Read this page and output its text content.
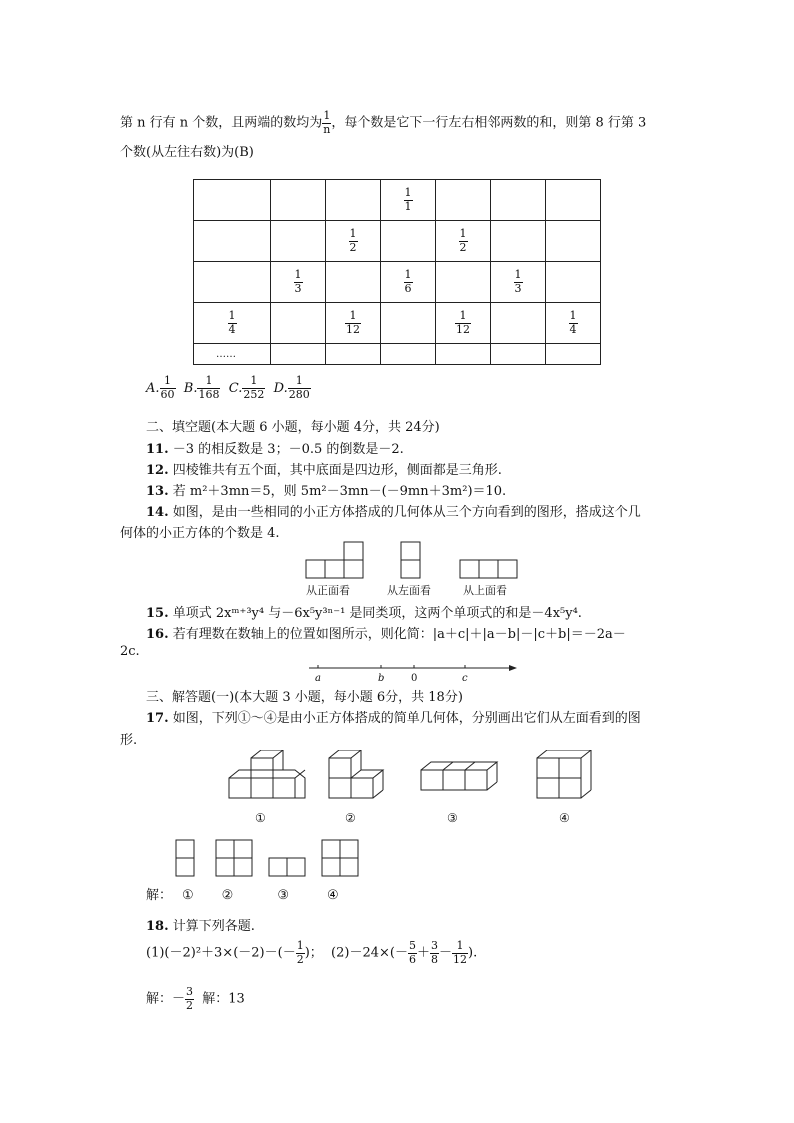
第 n 行有 n 个数，且两端的数均为 $\frac{1}{n}$ ，每个数是它下一行左右相邻两数的和，则第 8 行第 3
个数(从左往右数)为(B)

			$\frac{1}{1}$

		$\frac{1}{2}$		$\frac{1}{2}$

	$\frac{1}{3}$		$\frac{1}{6}$		$\frac{1}{3}$

$\frac{1}{4}$		$\frac{1}{12}$		$\frac{1}{12}$		$\frac{1}{4}$

……						
A. $\frac{1}{60} B$. $\frac{1}{168} C$. $\frac{1}{252} D$. $\frac{1}{280}$
二、填空题(本大题 6 小题，每小题 4分，共 24分)
11. －3 的相反数是 3；－0.5 的倒数是－2.
12. 四棱锥共有五个面，其中底面是四边形，侧面都是三角形.
13. 若 m²＋3mn＝5，则 5m²－3mn－(－9mn＋3m²)＝10.
14. 如图，是由一些相同的小正方体搭成的几何体从三个方向看到的图形，搭成这个几
何体的小正方体的个数是 4.
从正面看	从左面看	从上面看
15. 单项式 2xᵐ⁺³y⁴ 与－6x⁵y³ⁿ⁻¹ 是同类项，这两个单项式的和是－4x⁵y⁴.
16. 若有理数在数轴上的位置如图所示，则化简：|a＋c|＋|a－b|－|c＋b|＝－2a－
2c.
a	b	0	c
三、解答题(一)(本大题 3 小题，每小题 6分，共 18分)
17. 如图，下列①～④是由小正方体搭成的简单几何体，分别画出它们从左面看到的图
形.
①	②	③	④
解： ① ②	③	④
18. 计算下列各题.
$(1)(-2)^2+3\times(-2)-(- \frac{1}{2}$ )； $(2)-24\times(- \frac{5}{6} + \frac{3}{8} - \frac{1}{12}$ ).
解：－ $\frac{3}{2}$ 解：13
